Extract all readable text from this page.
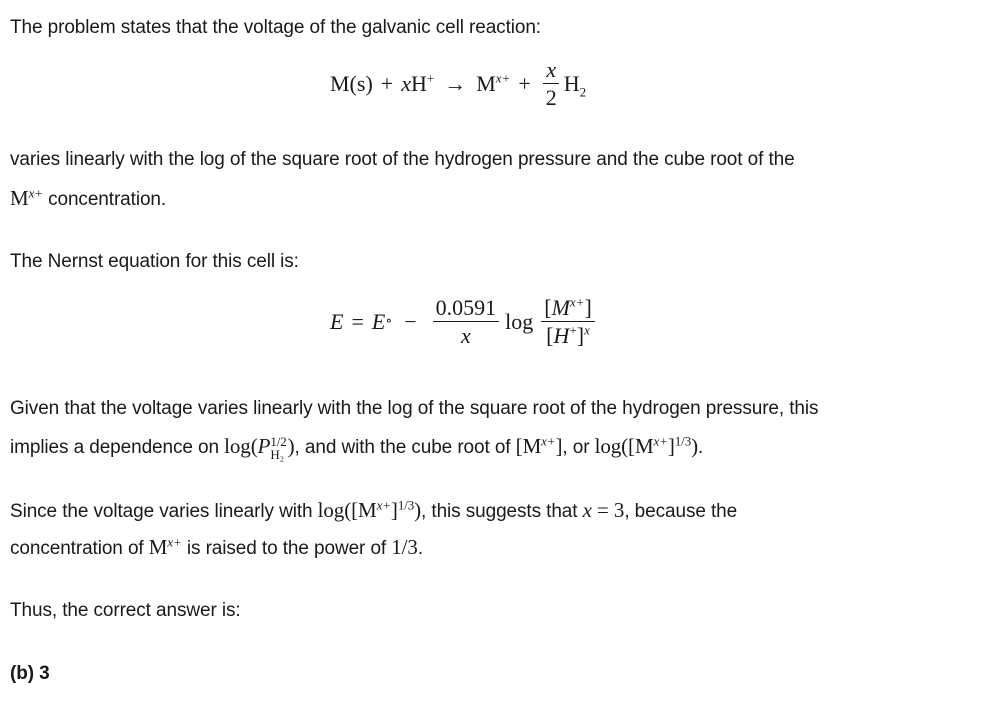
The problem states that the voltage of the galvanic cell reaction:
M(s) + x $H^+ \to M^{x+} + \frac{x}{2} H_2$
varies linearly with the log of the square root of the hydrogen pressure and the cube root of the
$M^{x+}$ concentration.
The Nernst equation for this cell is:
E = E ∘ − $\frac{0.0591}{x}$ $\log \frac{[M^{x+}]}{[H^+]^x}$
Given that the voltage varies linearly with the log of the square root of the hydrogen pressure, this
implies a dependence on log(P 1/2
H₂ ), and with the cube root of $[M^{x+}]$, or $\log([M^{x+}]^{1/3})$.
Since the voltage varies linearly with $\log([M^{x+}]^{1/3})$, this suggests that x = 3, because the
concentration of $M^{x+}$ is raised to the power of 1/3.
Thus, the correct answer is:
(b) 3
